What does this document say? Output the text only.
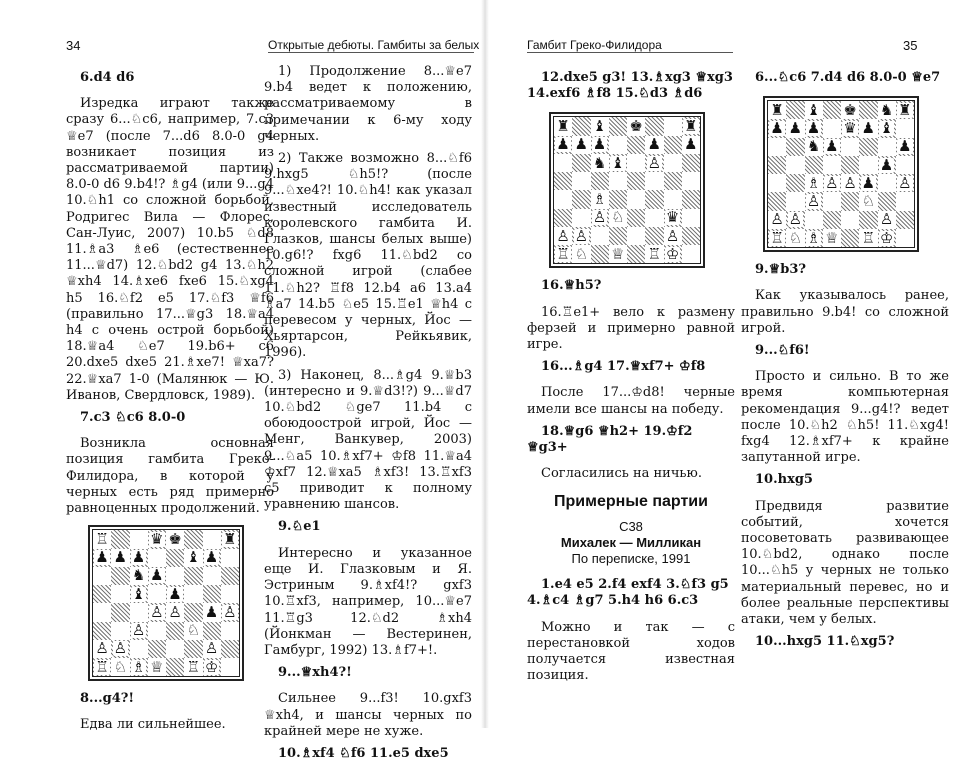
34	Открытые дебюты. Гамбиты за белых

6.d4 d6

Изредка играют также сразу 6...♘c6, например, 7.c3 ♕e7 (после 7...d6 8.0-0 g4 возникает позиция из рассматриваемой партии) 8.0-0 d6 9.b4!? ♗g4 (или 9...g4 10.♘h1 со сложной борьбой, Родригес Вила — Флорес, Сан-Луис, 2007) 10.b5 ♘d8 11.♗a3 ♗e6 (естественнее 11...♕d7) 12.♘bd2 g4 13.♘h2 ♕xh4 14.♗xe6 fxe6 15.♘xg4 h5 16.♘f2 e5 17.♘f3 ♕f6 (правильно 17...♕g3 18.♕a4 h4 с очень острой борьбой) 18.♕a4 ♘e7 19.b6+ c6 20.dxe5 dxe5 21.♗xe7! ♕xa7? 22.♕xa7 1-0 (Малянюк — Ю. Иванов, Свердловск, 1989).

7.c3 ♘c6 8.0-0

Возникла основная позиция гамбита Греко-Филидора, в которой у черных есть ряд примерно равноценных продолжений.

♖	♛ ♚	♜
♟ ♟ ♟	♝ ♟
♞ ♟
♝ ♟
♙ ♙ ♟ ♙
♙	♘
♙ ♙	♙
♖ ♘ ♗ ♕ ♖ ♔

8...g4?!

Едва ли сильнейшее.

1) Продолжение 8...♕e7 9.b4 ведет к положению, рассматриваемому в примечании к 6-му ходу черных.

2) Также возможно 8...♘f6 9.hxg5 ♘h5!? (после 9...♘xe4?! 10.♘h4! как указал известный исследователь королевского гамбита И. Глазков, шансы белых выше) 10.g6!? fxg6 11.♘bd2 со сложной игрой (слабее 11.♘h2? ♖f8 12.b4 a6 13.a4 ♗a7 14.b5 ♘e5 15.♖e1 ♕h4 с перевесом у черных, Йос — Хьяртарсон, Рейкьявик, 1996).

3) Наконец, 8...♗g4 9.♕b3 (интересно и 9.♕d3!?) 9...♕d7 10.♘bd2 ♘ge7 11.b4 с обоюдоострой игрой, Йос — Менг, Ванкувер, 2003) 9...♘a5 10.♗xf7+ ♔f8 11.♕a4 ♔xf7 12.♕xa5 ♗xf3! 13.♖xf3 c5 приводит к полному уравнению шансов.

9.♘e1

Интересно и указанное еще И. Глазковым и Я. Эстриным 9.♗xf4!? gxf3 10.♖xf3, например, 10...♕e7 11.♖g3 12.♘d2 ♗xh4 (Йонкман — Вестеринен, Гамбург, 1992) 13.♗f7+!.

9...♕xh4?!

Сильнее 9...f3! 10.gxf3 ♕xh4, и шансы черных по крайней мере не хуже.

10.♗xf4 ♘f6 11.e5 dxe5

Гамбит Греко-Филидора	35

12.dxe5 g3! 13.♗xg3 ♕xg3 14.exf6 ♗f8 15.♘d3 ♗d6

♜ ♝ ♚	♜
♟ ♟ ♟	♟ ♟
♞ ♝ ♙
♗
♙ ♘	♛
♙ ♙	♙
♖ ♘ ♕ ♖ ♔

16.♕h5?

16.♖e1+ вело к размену ферзей и примерно равной игре.

16...♗g4 17.♕xf7+ ♔f8

После 17...♔d8! черные имели все шансы на победу.

18.♕g6 ♕h2+ 19.♔f2 ♕g3+

Согласились на ничью.

Примерные партии

C38

Михалек — Милликан

По переписке, 1991

1.e4 e5 2.f4 exf4 3.♘f3 g5 4.♗c4 ♗g7 5.h4 h6 6.c3

Можно и так — с перестановкой ходов получается известная позиция.

6...♘c6 7.d4 d6 8.0-0 ♕e7

♜ ♝ ♚ ♞ ♜
♟ ♟ ♟ ♛ ♟ ♝
♞ ♟	♟
♟
♗ ♙ ♙ ♟ ♙
♙	♘
♙ ♙	♙
♖ ♘ ♗ ♕ ♖ ♔

9.♕b3?

Как указывалось ранее, правильно 9.b4! со сложной игрой.

9...♘f6!

Просто и сильно. В то же время компьютерная рекомендация 9...g4!? ведет после 10.♘h2 ♘h5! 11.♘xg4! fxg4 12.♗xf7+ к крайне запутанной игре.

10.hxg5

Предвидя развитие событий, хочется посоветовать развивающее 10.♘bd2, однако после 10...♘h5 у черных не только материальный перевес, но и более реальные перспективы атаки, чем у белых.

10...hxg5 11.♘xg5?
